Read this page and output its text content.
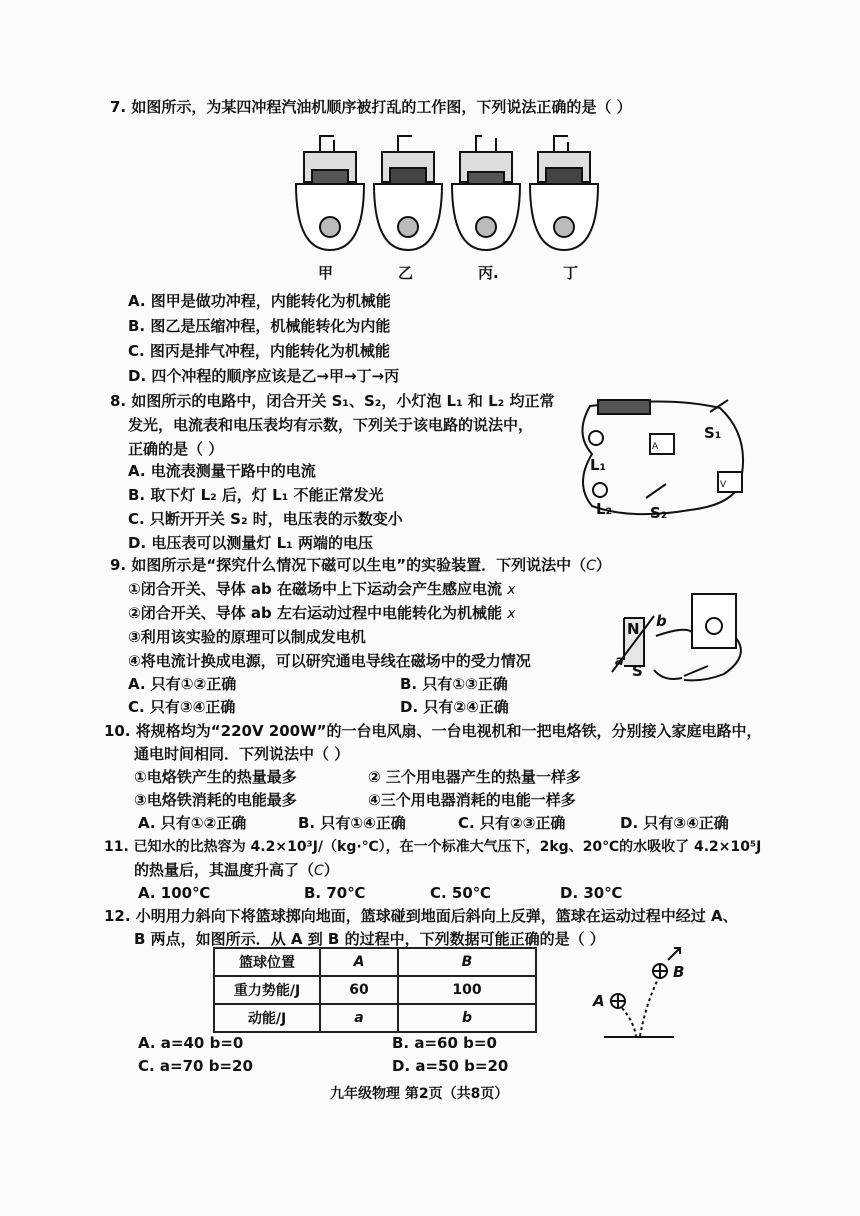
7. 如图所示，为某四冲程汽油机顺序被打乱的工作图，下列说法正确的是（ ）
甲	乙	丙.	丁
A. 图甲是做功冲程，内能转化为机械能
B. 图乙是压缩冲程，机械能转化为内能
C. 图丙是排气冲程，内能转化为机械能
D. 四个冲程的顺序应该是乙→甲→丁→丙
8. 如图所示的电路中，闭合开关 S₁、S₂，小灯泡 L₁ 和 L₂ 均正常
发光，电流表和电压表均有示数，下列关于该电路的说法中，
正确的是（ ）
A. 电流表测量干路中的电流
B. 取下灯 L₂ 后，灯 L₁ 不能正常发光
C. 只断开开关 S₂ 时，电压表的示数变小
D. 电压表可以测量灯 L₁ 两端的电压
A
V
S₁
L₁
L₂	S₂
9. 如图所示是“探究什么情况下磁可以生电”的实验装置．下列说法中（C）
①闭合开关、导体 ab 在磁场中上下运动会产生感应电流 x
②闭合开关、导体 ab 左右运动过程中电能转化为机械能 x
③利用该实验的原理可以制成发电机
④将电流计换成电源，可以研究通电导线在磁场中的受力情况
A. 只有①②正确	B. 只有①③正确
C. 只有③④正确	D. 只有②④正确
N
S
a
b
10. 将规格均为“220V 200W”的一台电风扇、一台电视机和一把电烙铁，分别接入家庭电路中，
通电时间相同．下列说法中（ ）
①电烙铁产生的热量最多	② 三个用电器产生的热量一样多
③电烙铁消耗的电能最多	④三个用电器消耗的电能一样多
A. 只有①②正确	B. 只有①④正确	C. 只有②③正确	D. 只有③④正确
11. 已知水的比热容为 4.2×10³J/（kg·℃），在一个标准大气压下，2kg、20℃的水吸收了 4.2×10⁵J
的热量后，其温度升高了（C）
A. 100℃	B. 70℃	C. 50℃	D. 30℃
12. 小明用力斜向下将篮球掷向地面，篮球碰到地面后斜向上反弹，篮球在运动过程中经过 A、
B 两点，如图所示．从 A 到 B 的过程中，下列数据可能正确的是（ ）
篮球位置	A	B
重力势能/J	60	100
动能/J	a	b
A
B
A. a=40 b=0	B. a=60 b=0
C. a=70 b=20	D. a=50 b=20
九年级物理 第2页（共8页）
